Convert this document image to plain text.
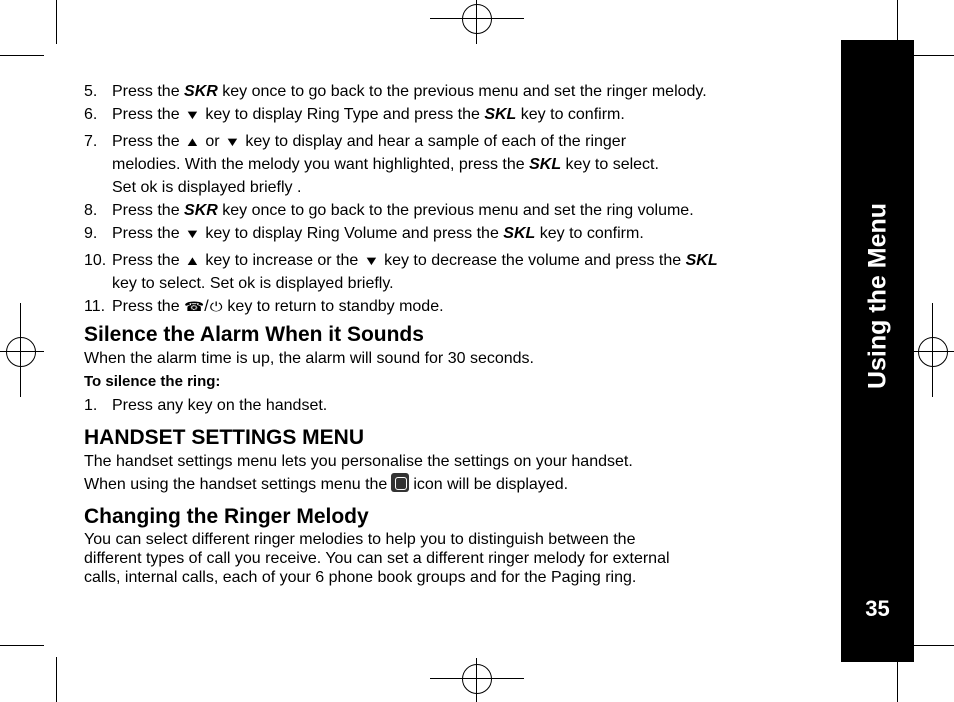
5. Press the SKR key once to go back to the previous menu and set the ringer melody.
6. Press the ▼ key to display Ring Type and press the SKL key to confirm.
7. Press the ▲ or ▼ key to display and hear a sample of each of the ringer
melodies. With the melody you want highlighted, press the SKL key to select.
Set ok is displayed briefly .
8. Press the SKR key once to go back to the previous menu and set the ring volume.
9. Press the ▼ key to display Ring Volume and press the SKL key to confirm.
10. Press the ▲ key to increase or the ▼ key to decrease the volume and press the SKL
key to select. Set ok is displayed briefly.
11. Press the ☎/⏻ key to return to standby mode.
Silence the Alarm When it Sounds

When the alarm time is up, the alarm will sound for 30 seconds.

To silence the ring:

1. Press any key on the handset.
HANDSET SETTINGS MENU

The handset settings menu lets you personalise the settings on your handset.

When using the handset settings menu the icon will be displayed.

Changing the Ringer Melody

You can select different ringer melodies to help you to distinguish between the

different types of call you receive. You can set a different ringer melody for external

calls, internal calls, each of your 6 phone book groups and for the Paging ring.

Using the Menu
35
